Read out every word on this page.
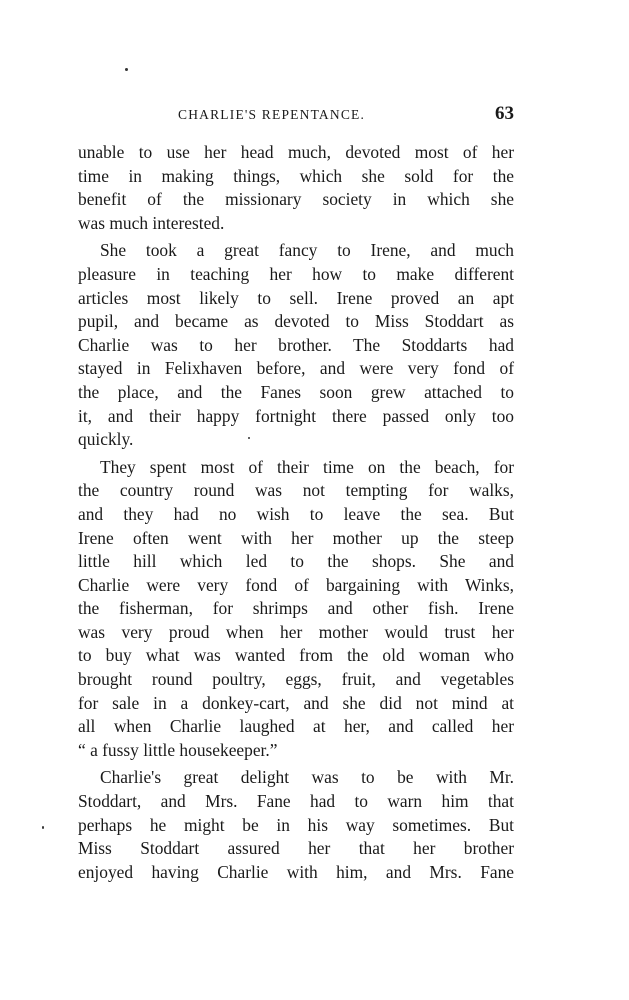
CHARLIE'S REPENTANCE.	63

unable to use her head much, devoted most of her
time in making things, which she sold for the
benefit of the missionary society in which she
was much interested.

She took a great fancy to Irene, and much
pleasure in teaching her how to make different
articles most likely to sell. Irene proved an apt
pupil, and became as devoted to Miss Stoddart as
Charlie was to her brother. The Stoddarts had
stayed in Felixhaven before, and were very fond of
the place, and the Fanes soon grew attached to
it, and their happy fortnight there passed only too
quickly.

They spent most of their time on the beach, for
the country round was not tempting for walks,
and they had no wish to leave the sea. But
Irene often went with her mother up the steep
little hill which led to the shops. She and
Charlie were very fond of bargaining with Winks,
the fisherman, for shrimps and other fish. Irene
was very proud when her mother would trust her
to buy what was wanted from the old woman who
brought round poultry, eggs, fruit, and vegetables
for sale in a donkey-cart, and she did not mind at
all when Charlie laughed at her, and called her
“ a fussy little housekeeper.”

Charlie's great delight was to be with Mr.
Stoddart, and Mrs. Fane had to warn him that
perhaps he might be in his way sometimes. But
Miss Stoddart assured her that her brother
enjoyed having Charlie with him, and Mrs. Fane
